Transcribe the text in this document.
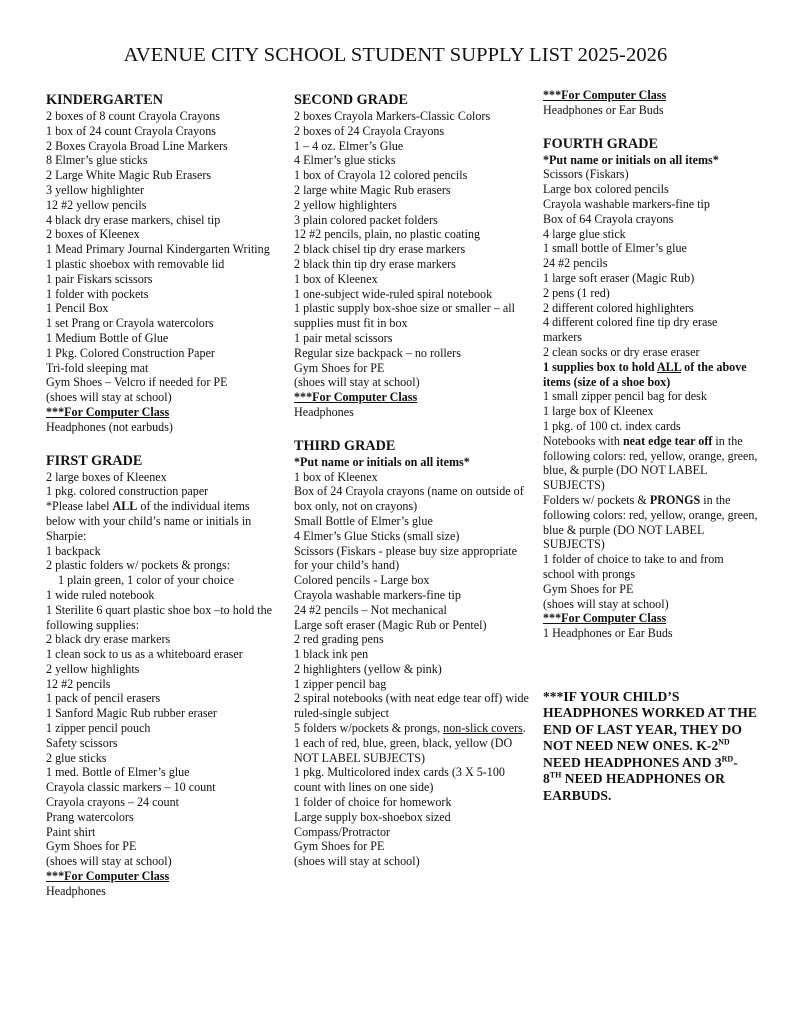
AVENUE CITY SCHOOL STUDENT SUPPLY LIST 2025-2026
KINDERGARTEN
2 boxes of 8 count Crayola Crayons
1 box of 24 count Crayola Crayons
2 Boxes Crayola Broad Line Markers
8 Elmer’s glue sticks
2 Large White Magic Rub Erasers
3 yellow highlighter
12 #2 yellow pencils
4 black dry erase markers, chisel tip
2 boxes of Kleenex
1 Mead Primary Journal Kindergarten Writing
1 plastic shoebox with removable lid
1 pair Fiskars scissors
1 folder with pockets
1 Pencil Box
1 set Prang or Crayola watercolors
1 Medium Bottle of Glue
1 Pkg. Colored Construction Paper
Tri-fold sleeping mat
Gym Shoes – Velcro if needed for PE
(shoes will stay at school)
***For Computer Class
Headphones (not earbuds)
FIRST GRADE
2 large boxes of Kleenex
1 pkg. colored construction paper
*Please label ALL of the individual items below with your child’s name or initials in Sharpie:
1 backpack
2 plastic folders w/ pockets & prongs:
1 plain green, 1 color of your choice
1 wide ruled notebook
1 Sterilite 6 quart plastic shoe box –to hold the following supplies:
2 black dry erase markers
1 clean sock to us as a whiteboard eraser
2 yellow highlights
12 #2 pencils
1 pack of pencil erasers
1 Sanford Magic Rub rubber eraser
1 zipper pencil pouch
Safety scissors
2 glue sticks
1 med. Bottle of Elmer’s glue
Crayola classic markers – 10 count
Crayola crayons – 24 count
Prang watercolors
Paint shirt
Gym Shoes for PE
(shoes will stay at school)
***For Computer Class
Headphones
SECOND GRADE
2 boxes Crayola Markers-Classic Colors
2 boxes of 24 Crayola Crayons
1 – 4 oz. Elmer’s Glue
4 Elmer’s glue sticks
1 box of Crayola 12 colored pencils
2 large white Magic Rub erasers
2 yellow highlighters
3 plain colored packet folders
12 #2 pencils, plain, no plastic coating
2 black chisel tip dry erase markers
2 black thin tip dry erase markers
1 box of Kleenex
1 one-subject wide-ruled spiral notebook
1 plastic supply box-shoe size or smaller – all supplies must fit in box
1 pair metal scissors
Regular size backpack – no rollers
Gym Shoes for PE
(shoes will stay at school)
***For Computer Class
Headphones
THIRD GRADE
*Put name or initials on all items*
1 box of Kleenex
Box of 24 Crayola crayons (name on outside of box only, not on crayons)
Small Bottle of Elmer’s glue
4 Elmer’s Glue Sticks (small size)
Scissors (Fiskars - please buy size appropriate for your child’s hand)
Colored pencils - Large box
Crayola washable markers-fine tip
24 #2 pencils – Not mechanical
Large soft eraser (Magic Rub or Pentel)
2 red grading pens
1 black ink pen
2 highlighters (yellow & pink)
1 zipper pencil bag
2 spiral notebooks (with neat edge tear off) wide ruled-single subject
5 folders w/pockets & prongs, non-slick covers. 1 each of red, blue, green, black, yellow (DO NOT LABEL SUBJECTS)
1 pkg. Multicolored index cards (3 X 5-100 count with lines on one side)
1 folder of choice for homework
Large supply box-shoebox sized
Compass/Protractor
Gym Shoes for PE
(shoes will stay at school)
***For Computer Class
Headphones or Ear Buds
FOURTH GRADE
*Put name or initials on all items*
Scissors (Fiskars)
Large box colored pencils
Crayola washable markers-fine tip
Box of 64 Crayola crayons
4 large glue stick
1 small bottle of Elmer’s glue
24 #2 pencils
1 large soft eraser (Magic Rub)
2 pens (1 red)
2 different colored highlighters
4 different colored fine tip dry erase markers
2 clean socks or dry erase eraser
1 supplies box to hold ALL of the above items (size of a shoe box)
1 small zipper pencil bag for desk
1 large box of Kleenex
1 pkg. of 100 ct. index cards
Notebooks with neat edge tear off in the following colors: red, yellow, orange, green, blue, & purple (DO NOT LABEL SUBJECTS)
Folders w/ pockets & PRONGS in the following colors: red, yellow, orange, green, blue & purple (DO NOT LABEL SUBJECTS)
1 folder of choice to take to and from school with prongs
Gym Shoes for PE
(shoes will stay at school)
***For Computer Class
1 Headphones or Ear Buds
***IF YOUR CHILD’S HEADPHONES WORKED AT THE END OF LAST YEAR, THEY DO NOT NEED NEW ONES. K-2ND NEED HEADPHONES AND 3RD- 8TH NEED HEADPHONES OR EARBUDS.
